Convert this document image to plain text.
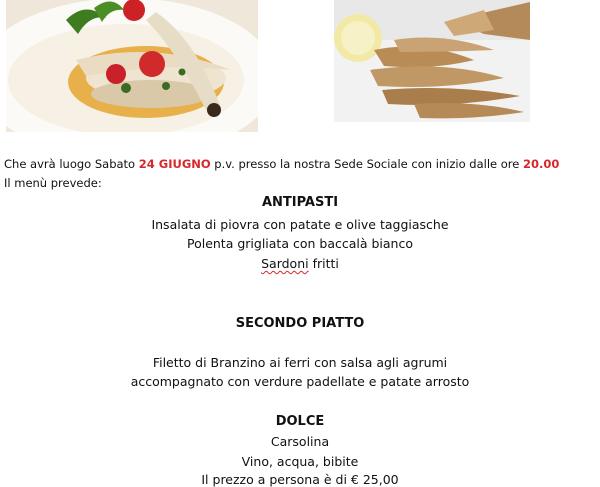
Che avrà luogo Sabato 24 GIUGNO p.v. presso la nostra Sede Sociale con inizio dalle ore 20.00
Il menù prevede:
ANTIPASTI
Insalata di piovra con patate e olive taggiasche
Polenta grigliata con baccalà bianco
Sardoni fritti
SECONDO PIATTO
Filetto di Branzino ai ferri con salsa agli agrumi
accompagnato con verdure padellate e patate arrosto
DOLCE
Carsolina
Vino, acqua, bibite
Il prezzo a persona è di € 25,00
